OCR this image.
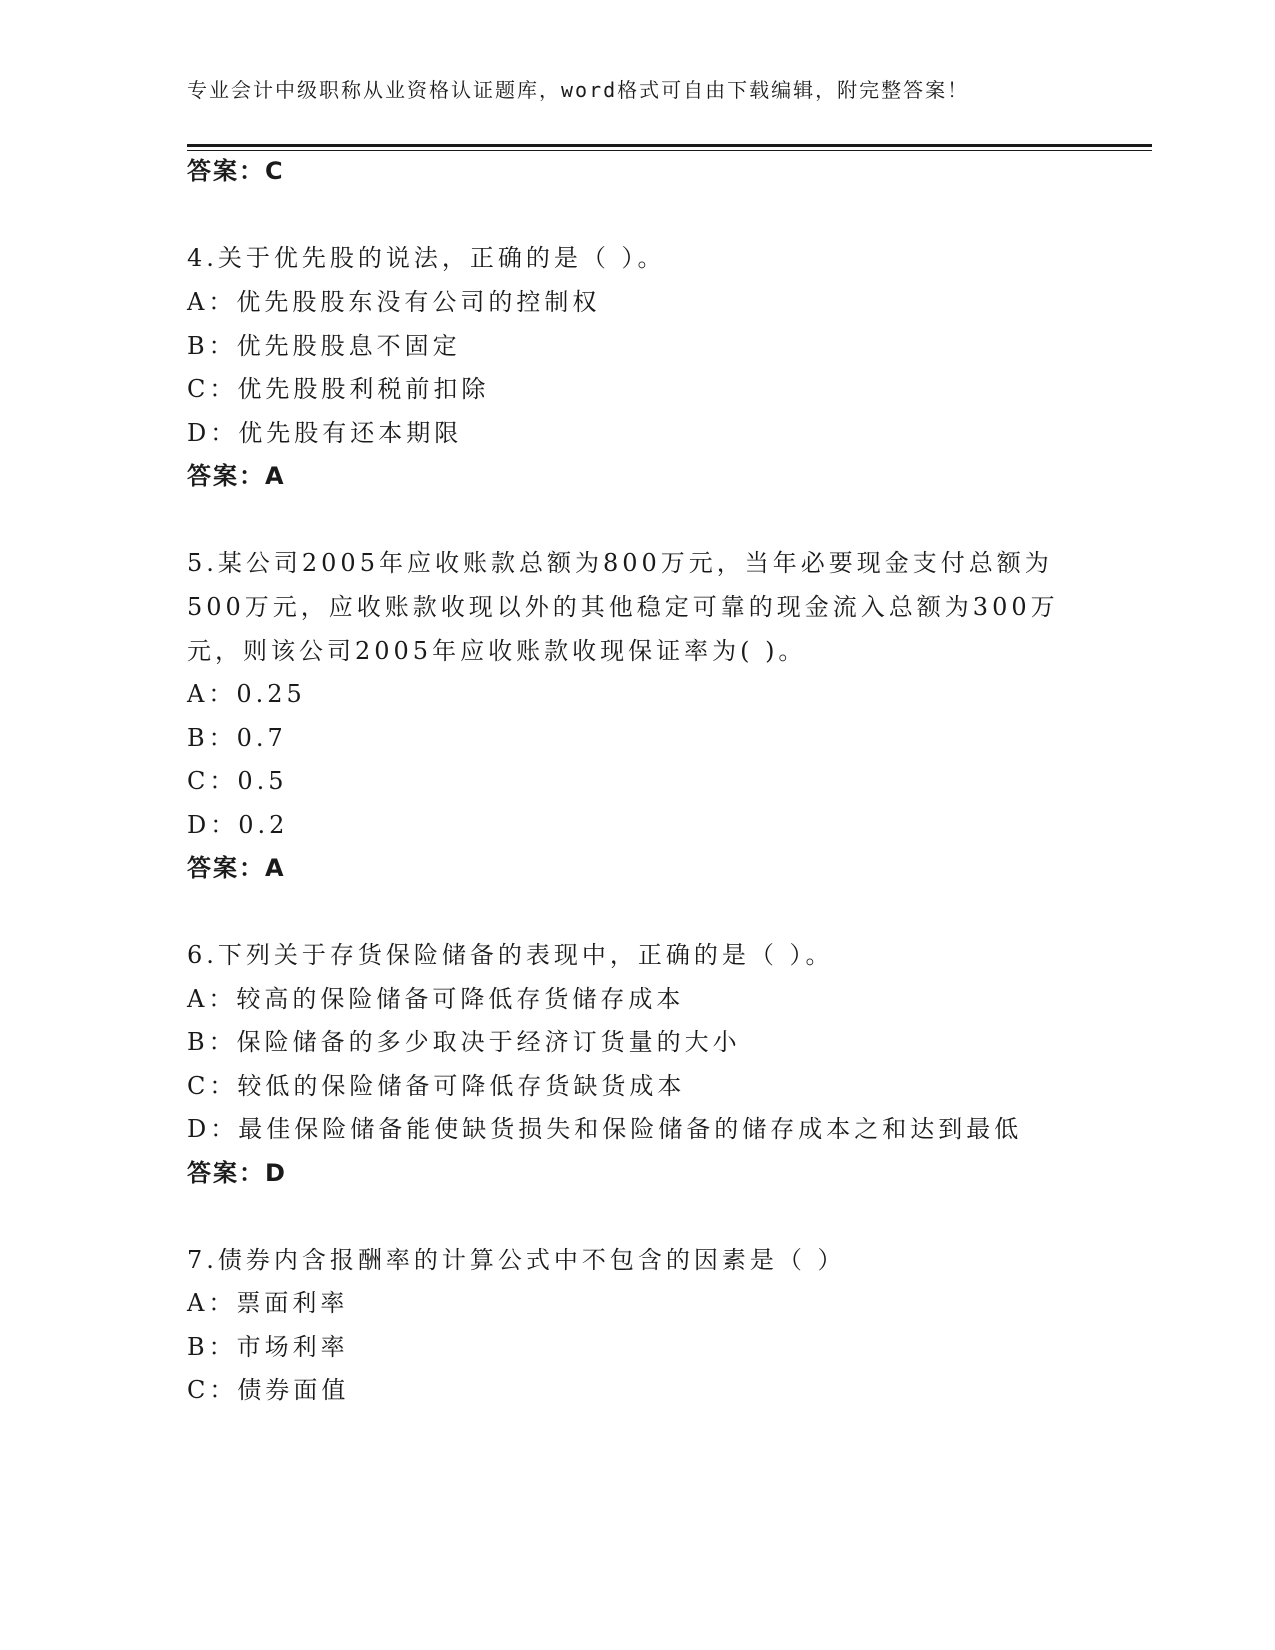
专业会计中级职称从业资格认证题库，word格式可自由下载编辑，附完整答案！
答案：C
4.关于优先股的说法，正确的是（ ）。
A：优先股股东没有公司的控制权
B：优先股股息不固定
C：优先股股利税前扣除
D：优先股有还本期限
答案：A
5.某公司2005年应收账款总额为800万元，当年必要现金支付总额为
500万元，应收账款收现以外的其他稳定可靠的现金流入总额为300万
元，则该公司2005年应收账款收现保证率为( )。
A：0.25
B：0.7
C：0.5
D：0.2
答案：A
6.下列关于存货保险储备的表现中，正确的是（ ）。
A：较高的保险储备可降低存货储存成本
B：保险储备的多少取决于经济订货量的大小
C：较低的保险储备可降低存货缺货成本
D：最佳保险储备能使缺货损失和保险储备的储存成本之和达到最低
答案：D
7.债券内含报酬率的计算公式中不包含的因素是（ ）
A：票面利率
B：市场利率
C：债券面值
